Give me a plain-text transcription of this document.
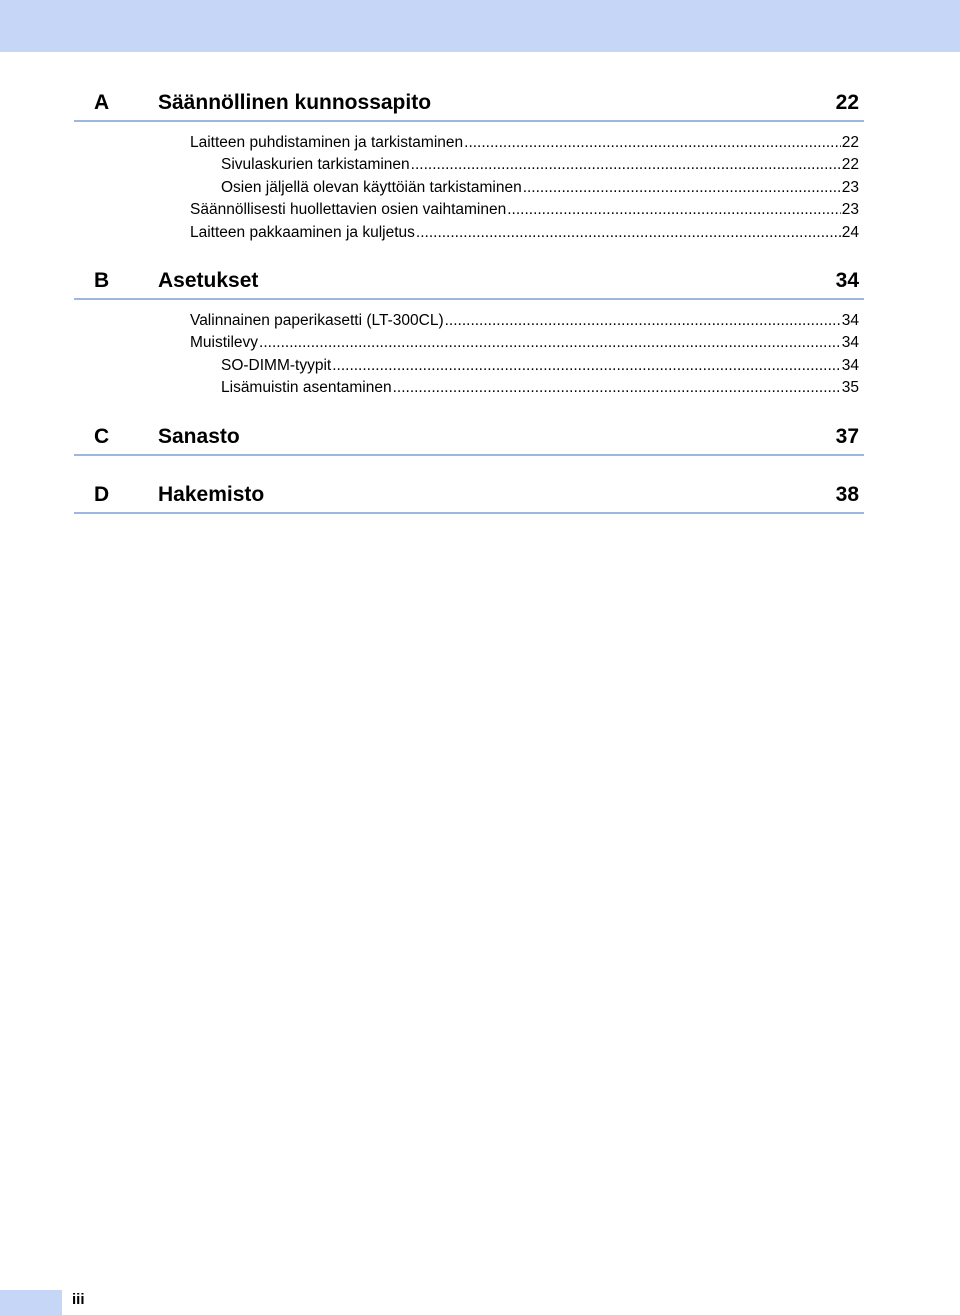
A Säännöllinen kunnossapito	22
Laitteen puhdistaminen ja tarkistaminen .....	22
Sivulaskurien tarkistaminen .....	22
Osien jäljellä olevan käyttöiän tarkistaminen .....	23
Säännöllisesti huollettavien osien vaihtaminen .....	23
Laitteen pakkaaminen ja kuljetus .....	24
B Asetukset	34
Valinnainen paperikasetti (LT-300CL) .....	34
Muistilevy .....	34
SO-DIMM-tyypit .....	34
Lisämuistin asentaminen .....	35
C Sanasto	37
D Hakemisto	38
iii
